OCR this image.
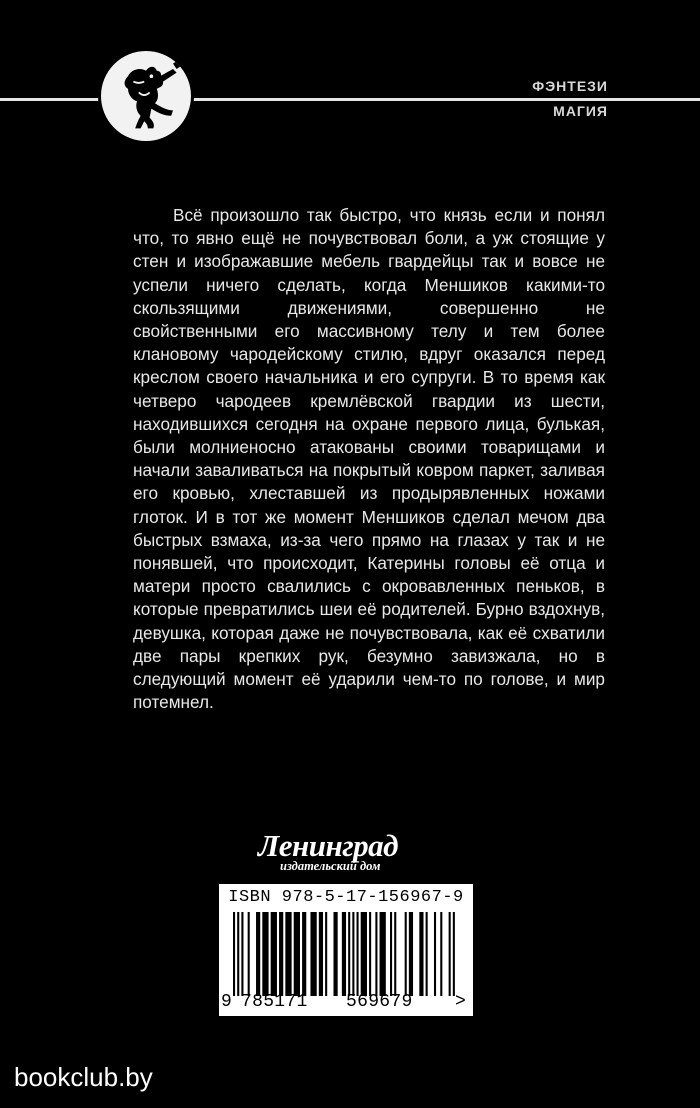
ФЭНТЕЗИ
МАГИЯ

Всё произошло так быстро, что князь если и понял что, то явно ещё не почувствовал боли, а уж стоящие у стен и изображавшие мебель гвардейцы так и вовсе не успели ничего сделать, когда Меншиков какими-то скользящими движениями, совершенно не свойственными его массивному телу и тем более клановому чародейскому стилю, вдруг оказался перед креслом своего начальника и его супруги. В то время как четверо чародеев кремлёвской гвардии из шести, находившихся сегодня на охране первого лица, булькая, были молниеносно атакованы своими товарищами и начали заваливаться на покрытый ковром паркет, заливая его кровью, хлеставшей из продырявленных ножами глоток. И в тот же момент Меншиков сделал мечом два быстрых взмаха, из-за чего прямо на глазах у так и не понявшей, что происходит, Катерины головы её отца и матери просто свалились с окровавленных пеньков, в которые превратились шеи её родителей. Бурно вздохнув, девушка, которая даже не почувствовала, как её схватили две пары крепких рук, безумно завизжала, но в следующий момент её ударили чем-то по голове, и мир потемнел.

Ленинград
издательский дом
ISBN 978-5-17-156967-9
9 785171 569679 >
bookclub.by
